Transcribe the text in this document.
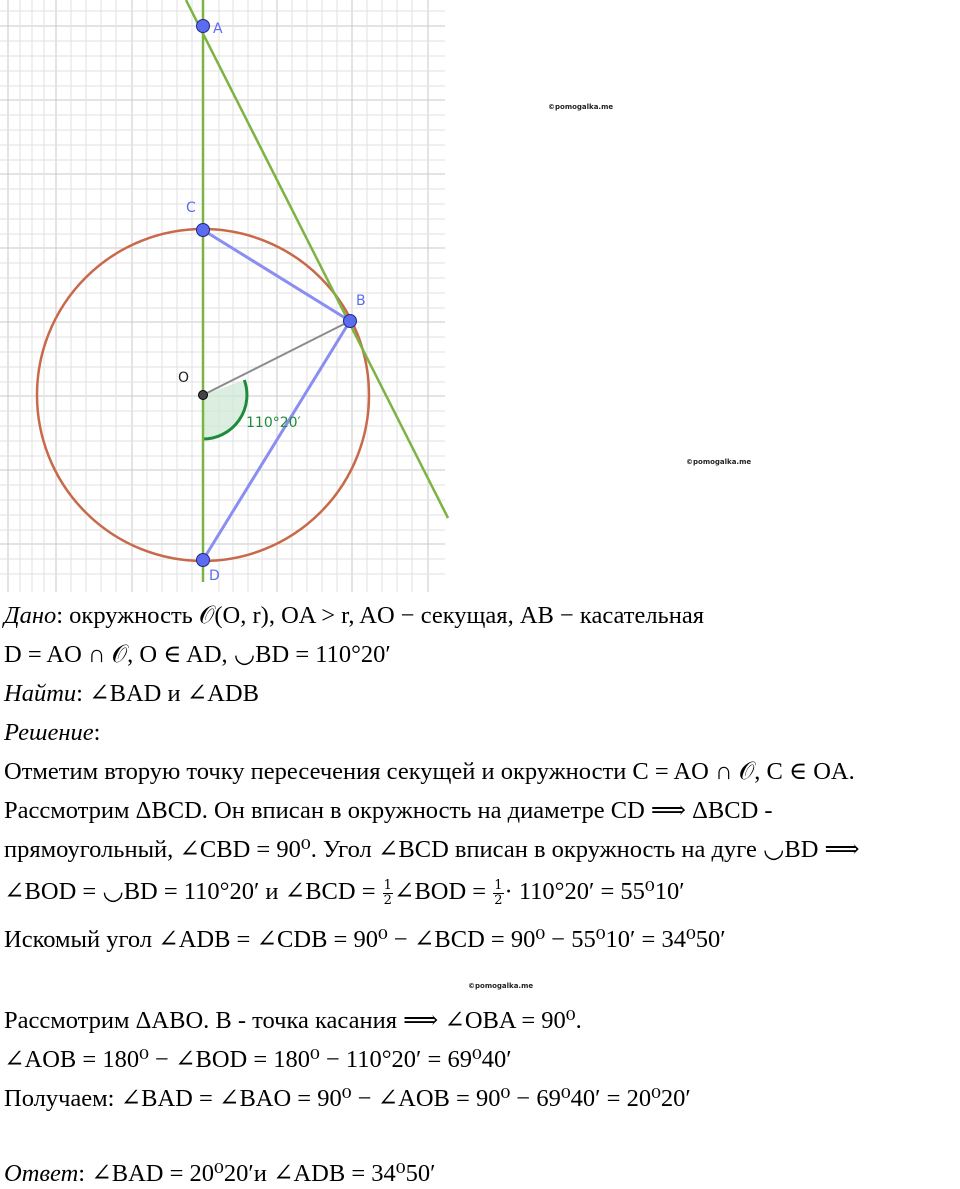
A
C
B
D
O
110°20′
©pomogalka.me
©pomogalka.me
©pomogalka.me
Дано: окружность 𝒪(O, r), OA > r, AO − секущая, AB − касательная
D = AO ∩ 𝒪, O ∈ AD, ◡BD = 110°20′
Найти: ∠BAD и ∠ADB
Решение:
Отметим вторую точку пересечения секущей и окружности C = AO ∩ 𝒪, C ∈ OA.
Рассмотрим ΔBCD. Он вписан в окружность на диаметре CD ⟹ ΔBCD -
прямоугольный, ∠CBD = 90⁰. Угол ∠BCD вписан в окружность на дуге ◡BD ⟹
∠BOD = ◡BD = 110°20′ и ∠BCD = $\frac{1}{2}$ ∠BOD = $\frac{1}{2} \cdot 110^\circ 20' = 55^010'$
Искомый угол ∠ADB = ∠CDB = 90⁰ − ∠BCD = 90⁰ − 55⁰10′ = 34⁰50′
Рассмотрим ΔABO. B - точка касания ⟹ ∠OBA = 90⁰.
∠AOB = 180⁰ − ∠BOD = 180⁰ − 110°20′ = 69⁰40′
Получаем: ∠BAD = ∠BAO = 90⁰ − ∠AOB = 90⁰ − 69⁰40′ = 20⁰20′
Ответ: ∠BAD = 20⁰20′и ∠ADB = 34⁰50′
